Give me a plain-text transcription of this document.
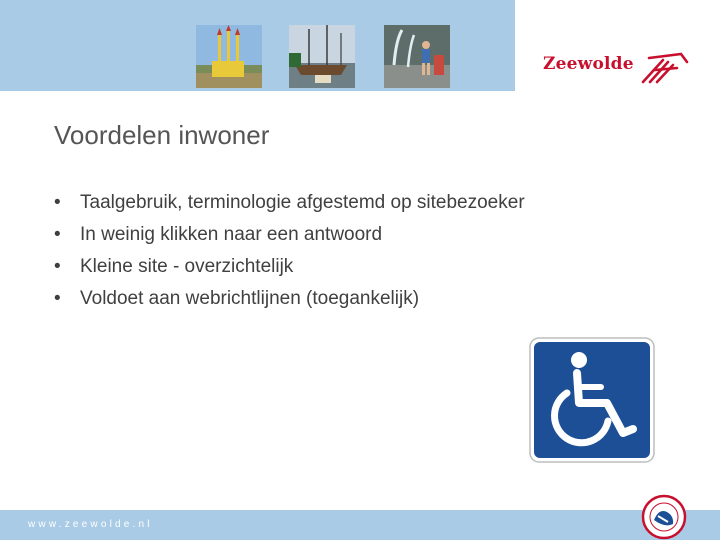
Zeewolde
Voordelen inwoner
• Taalgebruik, terminologie afgestemd op sitebezoeker
• In weinig klikken naar een antwoord
• Kleine site - overzichtelijk
• Voldoet aan webrichtlijnen (toegankelijk)
www.zeewolde.nl
